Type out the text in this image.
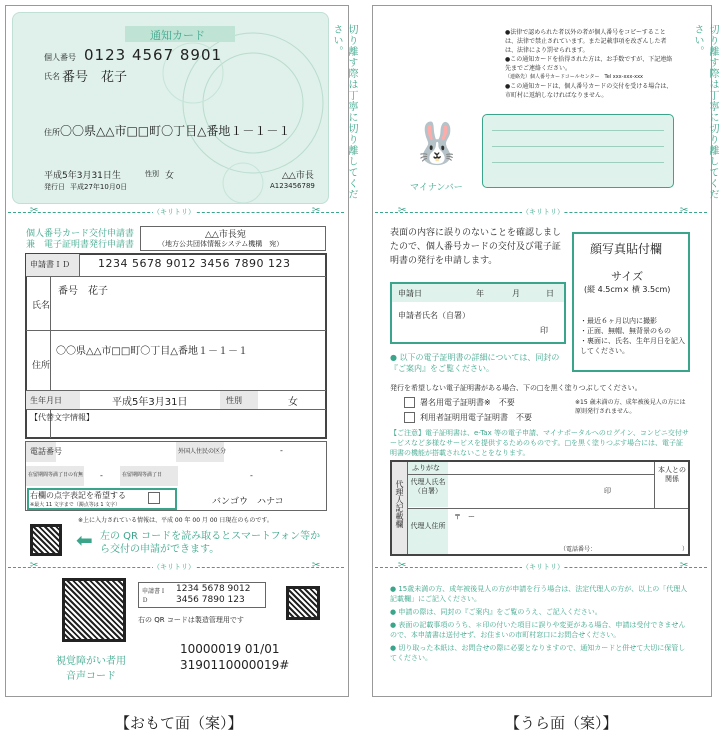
通知カード
個人番号 0123 4567 8901
氏名 番号　花子
住所 〇〇県△△市□□町〇丁目△番地１－１－１
平成5年3月31日生	性別 女	△△市長
発行日 平成27年10月0日	A123456789	切り離す際は丁寧に切り離してください。
（キリトリ）
✂	✂
個人番号カード交付申請書
兼　電子証明書発行申請書
△△市長宛
（地方公共団体情報システム機構　宛）
申請書ＩＤ	1234 5678 9012 3456 7890 123
氏名
番号　花子
住所
〇〇県△△市□□町〇丁目△番地１－１－１
生年月日	平成5年3月31日	性別	女
【代替文字情報】
電話番号	外国人住民の区分	-
在留期間等満了日の有無 -	在留期間等満了日	-
右欄の点字表記を希望する
※最大 11 文字まで（濁点等は 1 文字）	バンゴウ　ハナコ
※上に入力されている情報は、平成 00 年 00 月 00 日現在のものです。
⬅ 左の QR コードを読み取るとスマートフォン等から交付の申請ができます。
（キリトリ）
✂	✂
視覚障がい者用
音声コード
申請書ＩＤ
1234 5678 9012
3456 7890 123
右の QR コードは製造管理用です
10000019 01/01
3190110000019#
【おもて面（案）】
●法律で認められた者以外の者が個人番号をコピーすることは、法律で禁止されています。また記載事項を改ざんした者は、法律により罰せられます。
●この通知カードを拾得された方は、お手数ですが、下記連絡先までご連絡ください。
（連絡先）個人番号カードコールセンター　Tel xxx-xxx-xxx
●この通知カードは、個人番号カードの交付を受ける場合は、市町村に返納しなければなりません。
🐰
マイナンバー	切り離す際は丁寧に切り離してください。
（キリトリ）
✂	✂
表面の内容に誤りのないことを確認しましたので、個人番号カードの交付及び電子証明書の発行を申請します。
申請日	年	月	日
申請者氏名（自署）
印
顔写真貼付欄
サイズ
(縦 4.5cm× 横 3.5cm)
・最近６ヶ月以内に撮影
・正面、無帽、無背景のもの
・裏面に、氏名、生年月日を記入してください。
● 以下の電子証明書の詳細については、同封の『ご案内』をご覧ください。
発行を希望しない電子証明書がある場合、下の□を黒く塗りつぶしてください。
署名用電子証明書※　不要
利用者証明用電子証明書　不要
※15 歳未満の方、成年被後見人の方には原則発行されません。
【ご注意】電子証明書は、e-Tax 等の電子申請、マイナポータルへのログイン、コンビニ交付サービスなど多様なサービスを提供するためのものです。□を黒く塗りつぶす場合には、電子証明書の機能が搭載されないことをなります。
代理人記載欄
ふりがな
代理人氏名（自署）	印
本人との関係
代理人住所
〒　ー
（電話番号：	）
（キリトリ）
✂	✂
● 15歳未満の方、成年被後見人の方が申請を行う場合は、法定代理人の方が、以上の「代理人記載欄」にご記入ください。
● 申請の際は、同封の『ご案内』をご覧のうえ、ご記入ください。
● 表面の記載事項のうち、＊印の付いた項目に誤りや変更がある場合、申請は受付できませんので、本申請書は送付せず、お住まいの市町村窓口にお問合せください。
● 切り取った本紙は、お問合せの際に必要となりますので、通知カードと併せて大切に保管してください。
【うら面（案）】
